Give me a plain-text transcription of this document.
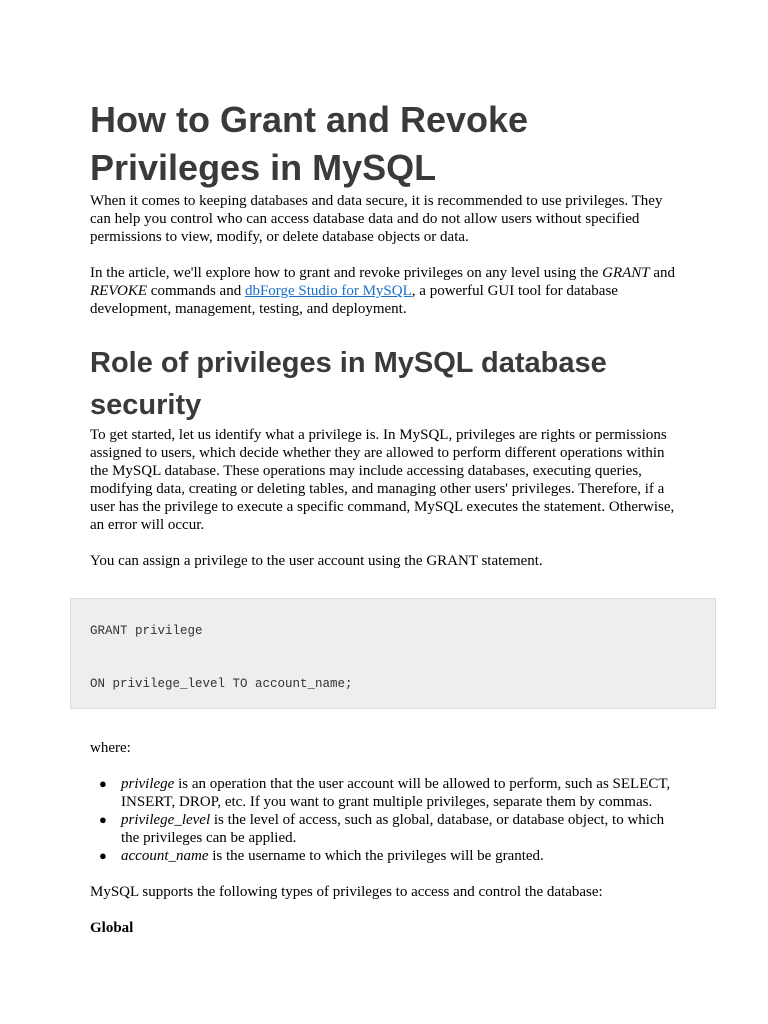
How to Grant and Revoke Privileges in MySQL

When it comes to keeping databases and data secure, it is recommended to use privileges. They can help you control who can access database data and do not allow users without specified permissions to view, modify, or delete database objects or data.

In the article, we'll explore how to grant and revoke privileges on any level using the GRANT and REVOKE commands and dbForge Studio for MySQL, a powerful GUI tool for database development, management, testing, and deployment.

Role of privileges in MySQL database security

To get started, let us identify what a privilege is. In MySQL, privileges are rights or permissions assigned to users, which decide whether they are allowed to perform different operations within the MySQL database. These operations may include accessing databases, executing queries, modifying data, creating or deleting tables, and managing other users' privileges. Therefore, if a user has the privilege to execute a specific command, MySQL executes the statement. Otherwise, an error will occur.

You can assign a privilege to the user account using the GRANT statement.

GRANT privilege
ON privilege_level TO account_name;

where:

● privilege is an operation that the user account will be allowed to perform, such as SELECT, INSERT, DROP, etc. If you want to grant multiple privileges, separate them by commas.
● privilege_level is the level of access, such as global, database, or database object, to which the privileges can be applied.
● account_name is the username to which the privileges will be granted.

MySQL supports the following types of privileges to access and control the database:

Global
